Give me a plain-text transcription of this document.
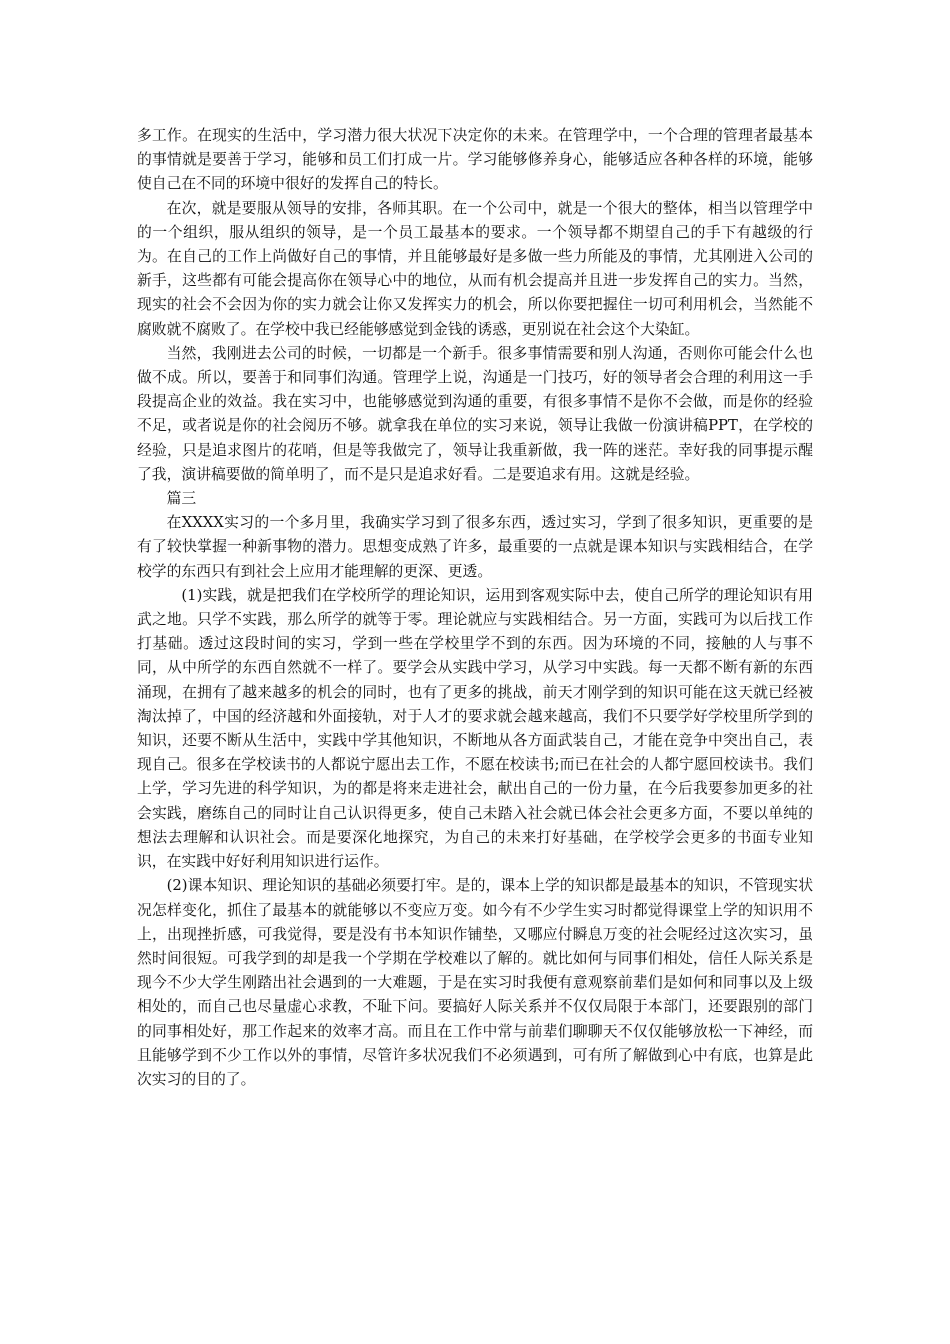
多工作。在现实的生活中，学习潜力很大状况下决定你的未来。在管理学中，一个合理的管理者最基本的事情就是要善于学习，能够和员工们打成一片。学习能够修养身心，能够适应各种各样的环境，能够使自己在不同的环境中很好的发挥自己的特长。

在次，就是要服从领导的安排，各师其职。在一个公司中，就是一个很大的整体，相当以管理学中的一个组织，服从组织的领导，是一个员工最基本的要求。一个领导都不期望自己的手下有越级的行为。在自己的工作上尚做好自己的事情，并且能够最好是多做一些力所能及的事情，尤其刚进入公司的新手，这些都有可能会提高你在领导心中的地位，从而有机会提高并且进一步发挥自己的实力。当然，现实的社会不会因为你的实力就会让你又发挥实力的机会，所以你要把握住一切可利用机会，当然能不腐败就不腐败了。在学校中我已经能够感觉到金钱的诱惑，更别说在社会这个大染缸。

当然，我刚进去公司的时候，一切都是一个新手。很多事情需要和别人沟通，否则你可能会什么也做不成。所以，要善于和同事们沟通。管理学上说，沟通是一门技巧，好的领导者会合理的利用这一手段提高企业的效益。我在实习中，也能够感觉到沟通的重要，有很多事情不是你不会做，而是你的经验不足，或者说是你的社会阅历不够。就拿我在单位的实习来说，领导让我做一份演讲稿PPT，在学校的经验，只是追求图片的花哨，但是等我做完了，领导让我重新做，我一阵的迷茫。幸好我的同事提示醒了我，演讲稿要做的简单明了，而不是只是追求好看。二是要追求有用。这就是经验。

篇三

在XXXX实习的一个多月里，我确实学习到了很多东西，透过实习，学到了很多知识，更重要的是有了较快掌握一种新事物的潜力。思想变成熟了许多，最重要的一点就是课本知识与实践相结合，在学校学的东西只有到社会上应用才能理解的更深、更透。

(1)实践，就是把我们在学校所学的理论知识，运用到客观实际中去，使自己所学的理论知识有用武之地。只学不实践，那么所学的就等于零。理论就应与实践相结合。另一方面，实践可为以后找工作打基础。透过这段时间的实习，学到一些在学校里学不到的东西。因为环境的不同，接触的人与事不同，从中所学的东西自然就不一样了。要学会从实践中学习，从学习中实践。每一天都不断有新的东西涌现，在拥有了越来越多的机会的同时，也有了更多的挑战，前天才刚学到的知识可能在这天就已经被淘汰掉了，中国的经济越和外面接轨，对于人才的要求就会越来越高，我们不只要学好学校里所学到的知识，还要不断从生活中，实践中学其他知识，不断地从各方面武装自己，才能在竞争中突出自己，表现自己。很多在学校读书的人都说宁愿出去工作，不愿在校读书;而已在社会的人都宁愿回校读书。我们上学，学习先进的科学知识，为的都是将来走进社会，献出自己的一份力量，在今后我要参加更多的社会实践，磨练自己的同时让自己认识得更多，使自己未踏入社会就已体会社会更多方面，不要以单纯的想法去理解和认识社会。而是要深化地探究，为自己的未来打好基础，在学校学会更多的书面专业知识，在实践中好好利用知识进行运作。

(2)课本知识、理论知识的基础必须要打牢。是的，课本上学的知识都是最基本的知识，不管现实状况怎样变化，抓住了最基本的就能够以不变应万变。如今有不少学生实习时都觉得课堂上学的知识用不上，出现挫折感，可我觉得，要是没有书本知识作铺垫，又哪应付瞬息万变的社会呢经过这次实习，虽然时间很短。可我学到的却是我一个学期在学校难以了解的。就比如何与同事们相处，信任人际关系是现今不少大学生刚踏出社会遇到的一大难题，于是在实习时我便有意观察前辈们是如何和同事以及上级相处的，而自己也尽量虚心求教，不耻下问。要搞好人际关系并不仅仅局限于本部门，还要跟别的部门的同事相处好，那工作起来的效率才高。而且在工作中常与前辈们聊聊天不仅仅能够放松一下神经，而且能够学到不少工作以外的事情，尽管许多状况我们不必须遇到，可有所了解做到心中有底，也算是此次实习的目的了。
